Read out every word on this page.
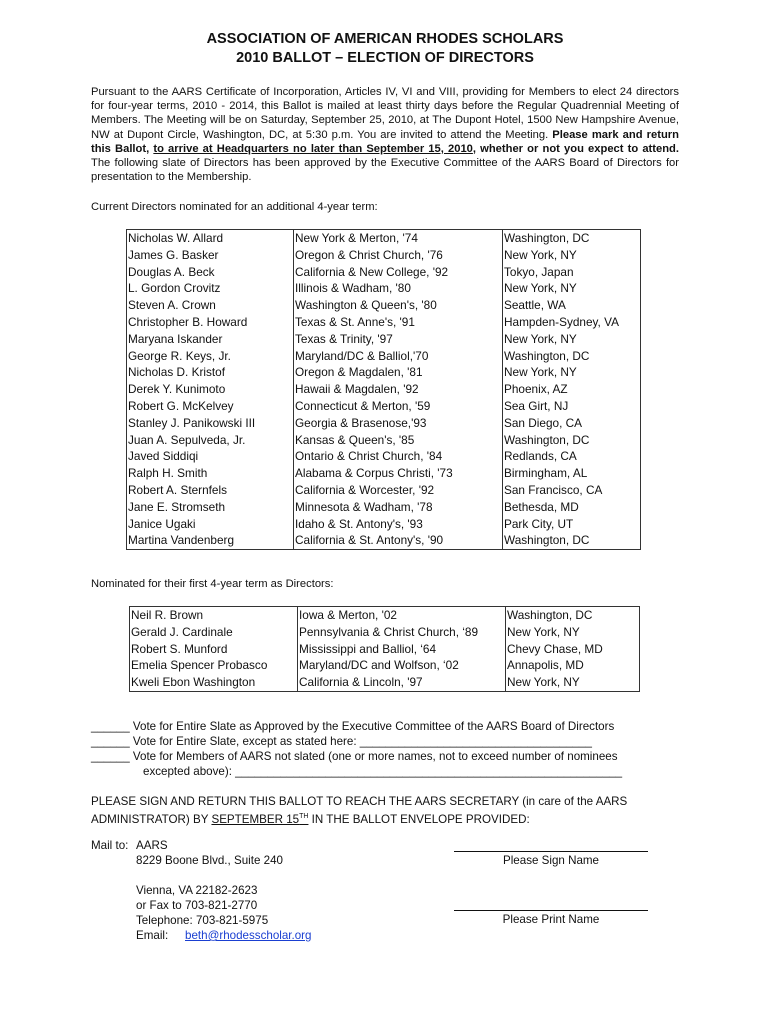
ASSOCIATION OF AMERICAN RHODES SCHOLARS
2010 BALLOT – ELECTION OF DIRECTORS
Pursuant to the AARS Certificate of Incorporation, Articles IV, VI and VIII, providing for Members to elect 24 directors for four-year terms, 2010 - 2014, this Ballot is mailed at least thirty days before the Regular Quadrennial Meeting of Members. The Meeting will be on Saturday, September 25, 2010, at The Dupont Hotel, 1500 New Hampshire Avenue, NW at Dupont Circle, Washington, DC, at 5:30 p.m. You are invited to attend the Meeting. Please mark and return this Ballot, to arrive at Headquarters no later than September 15, 2010, whether or not you expect to attend. The following slate of Directors has been approved by the Executive Committee of the AARS Board of Directors for presentation to the Membership.
Current Directors nominated for an additional 4-year term:
Nicholas W. Allard	New York & Merton, '74	Washington, DC
James G. Basker	Oregon & Christ Church, '76	New York, NY
Douglas A. Beck	California & New College, '92	Tokyo, Japan
L. Gordon Crovitz	Illinois & Wadham, '80	New York, NY
Steven A. Crown	Washington & Queen's, '80	Seattle, WA
Christopher B. Howard	Texas & St. Anne's, '91	Hampden-Sydney, VA
Maryana Iskander	Texas & Trinity, '97	New York, NY
George R. Keys, Jr.	Maryland/DC & Balliol,'70	Washington, DC
Nicholas D. Kristof	Oregon & Magdalen, '81	New York, NY
Derek Y. Kunimoto	Hawaii & Magdalen, '92	Phoenix, AZ
Robert G. McKelvey	Connecticut & Merton, '59	Sea Girt, NJ
Stanley J. Panikowski III	Georgia & Brasenose,'93	San Diego, CA
Juan A. Sepulveda, Jr.	Kansas & Queen's, '85	Washington, DC
Javed Siddiqi	Ontario & Christ Church, '84	Redlands, CA
Ralph H. Smith	Alabama & Corpus Christi, '73	Birmingham, AL
Robert A. Sternfels	California & Worcester, '92	San Francisco, CA
Jane E. Stromseth	Minnesota & Wadham, '78	Bethesda, MD
Janice Ugaki	Idaho & St. Antony's, '93	Park City, UT
Martina Vandenberg	California & St. Antony's, '90	Washington, DC
Nominated for their first 4-year term as Directors:
Neil R. Brown	Iowa & Merton, '02	Washington, DC
Gerald J. Cardinale	Pennsylvania & Christ Church, ‘89	New York, NY
Robert S. Munford	Mississippi and Balliol, ‘64	Chevy Chase, MD
Emelia Spencer Probasco	Maryland/DC and Wolfson, ‘02	Annapolis, MD
Kweli Ebon Washington	California & Lincoln, '97	New York, NY
______ Vote for Entire Slate as Approved by the Executive Committee of the AARS Board of Directors
______ Vote for Entire Slate, except as stated here: ____________________________________
______ Vote for Members of AARS not slated (one or more names, not to exceed number of nominees
excepted above): ____________________________________________________________
PLEASE SIGN AND RETURN THIS BALLOT TO REACH THE AARS SECRETARY (in care of the AARS
ADMINISTRATOR) BY SEPTEMBER 15TH IN THE BALLOT ENVELOPE PROVIDED:
Mail to: AARS
8229 Boone Blvd., Suite 240
Vienna, VA 22182-2623
or Fax to 703-821-2770
Telephone: 703-821-5975
Email: beth@rhodesscholar.org
Please Sign Name
Please Print Name
